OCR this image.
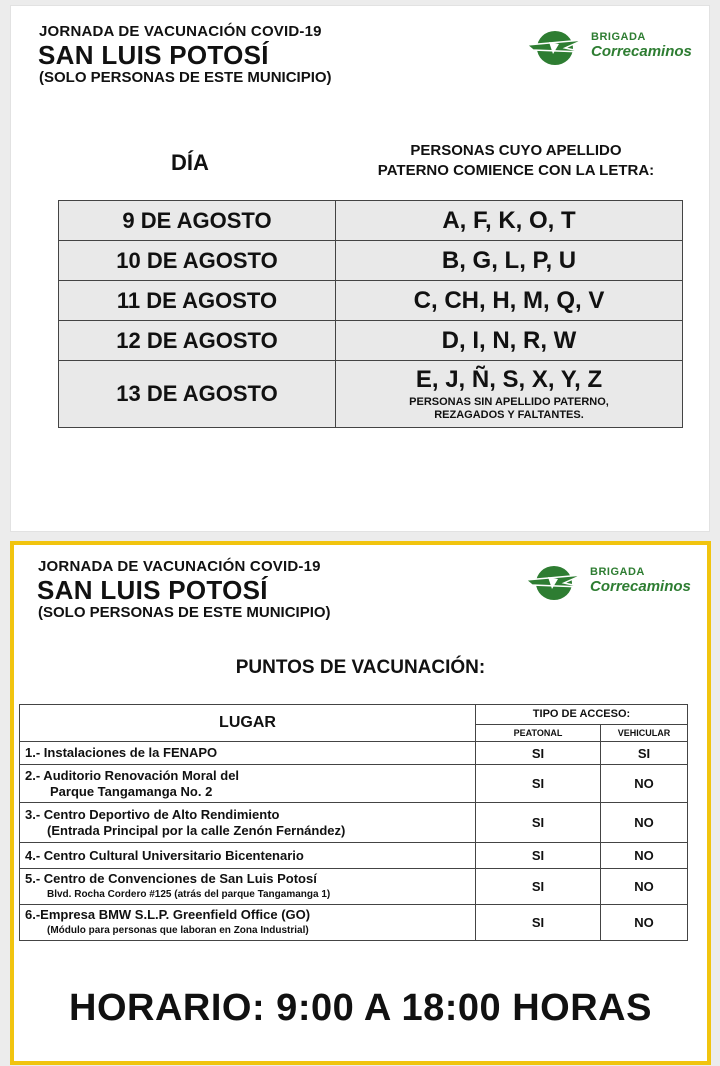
JORNADA DE VACUNACIÓN COVID-19
SAN LUIS POTOSÍ
(SOLO PERSONAS DE ESTE MUNICIPIO)
BRIGADA
Correcaminos
DÍA	PERSONAS CUYO APELLIDO
PATERNO COMIENCE CON LA LETRA:
9 DE AGOSTO	A, F, K, O, T
10 DE AGOSTO	B, G, L, P, U
11 DE AGOSTO	C, CH, H, M, Q, V
12 DE AGOSTO	D, I, N, R, W
13 DE AGOSTO	E, J, Ñ, S, X, Y, Z
PERSONAS SIN APELLIDO PATERNO,
REZAGADOS Y FALTANTES.
JORNADA DE VACUNACIÓN COVID-19
SAN LUIS POTOSÍ
(SOLO PERSONAS DE ESTE MUNICIPIO)
BRIGADA
Correcaminos
PUNTOS DE VACUNACIÓN:
LUGAR	TIPO DE ACCESO:	
	PEATONAL	VEHICULAR
1.- Instalaciones de la FENAPO	SI	SI

2.- Auditorio Renovación Moral del
Parque Tangamanga No. 2	SI	NO

3.- Centro Deportivo de Alto Rendimiento
(Entrada Principal por la calle Zenón Fernández)	SI	NO
4.- Centro Cultural Universitario Bicentenario	SI	NO

5.- Centro de Convenciones de San Luis Potosí
Blvd. Rocha Cordero #125 (atrás del parque Tangamanga 1)	SI	NO

6.-Empresa BMW S.L.P. Greenfield Office (GO)
(Módulo para personas que laboran en Zona Industrial)	SI	NO
HORARIO: 9:00 A 18:00 HORAS
